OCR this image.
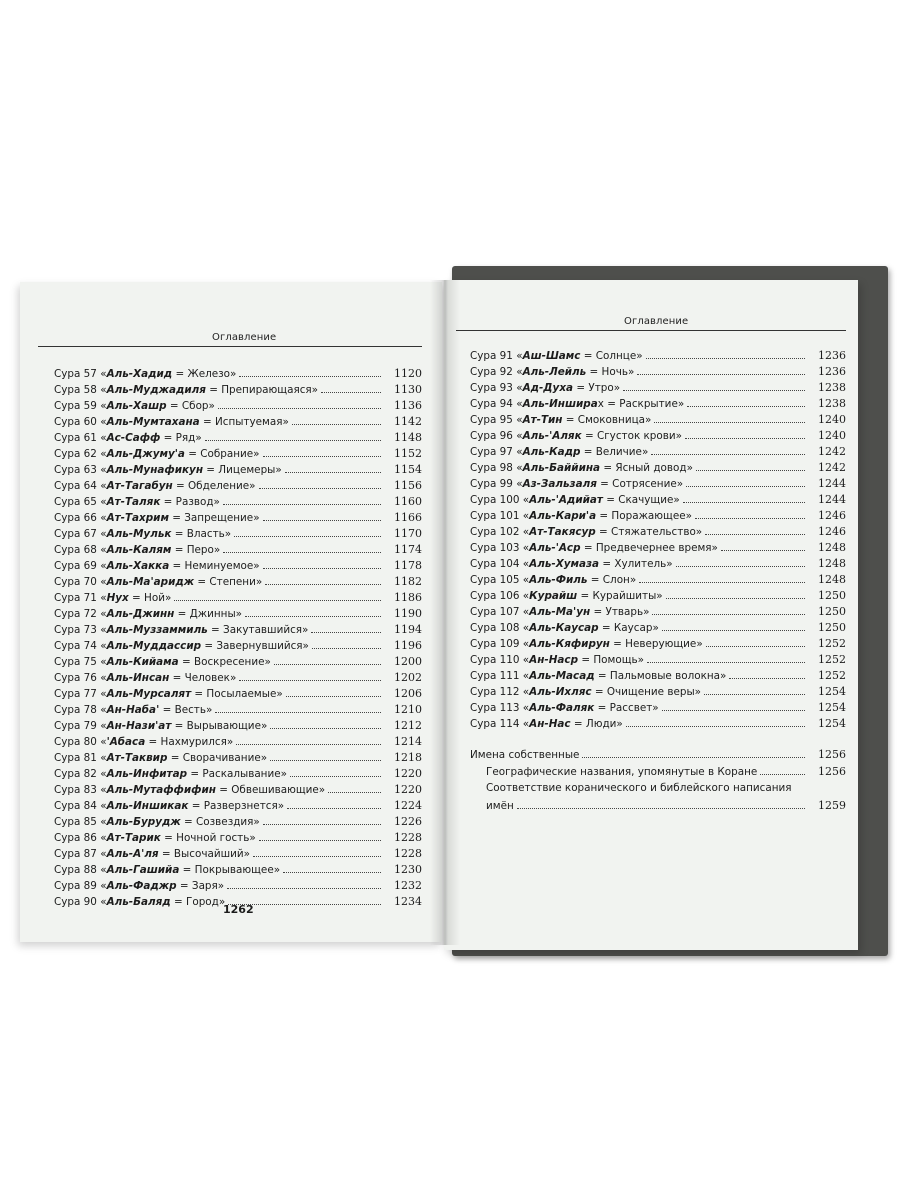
Оглавление
Сура 57 «Аль-Хадид = Железо»	1120
Сура 58 «Аль-Муджадиля = Препирающаяся»	1130
Сура 59 «Аль-Хашр = Сбор»	1136
Сура 60 «Аль-Мумтахана = Испытуемая»	1142
Сура 61 «Ас-Сафф = Ряд»	1148
Сура 62 «Аль-Джуму'а = Собрание»	1152
Сура 63 «Аль-Мунафикун = Лицемеры»	1154
Сура 64 «Ат-Тагабун = Обделение»	1156
Сура 65 «Ат-Таляк = Развод»	1160
Сура 66 «Ат-Тахрим = Запрещение»	1166
Сура 67 «Аль-Мульк = Власть»	1170
Сура 68 «Аль-Калям = Перо»	1174
Сура 69 «Аль-Хакка = Неминуемое»	1178
Сура 70 «Аль-Ма'аридж = Степени»	1182
Сура 71 «Нух = Ной»	1186
Сура 72 «Аль-Джинн = Джинны»	1190
Сура 73 «Аль-Муззаммиль = Закутавшийся»	1194
Сура 74 «Аль-Муддассир = Завернувшийся»	1196
Сура 75 «Аль-Кийама = Воскресение»	1200
Сура 76 «Аль-Инсан = Человек»	1202
Сура 77 «Аль-Мурсалят = Посылаемые»	1206
Сура 78 «Ан-Наба' = Весть»	1210
Сура 79 «Ан-Нази'ат = Вырывающие»	1212
Сура 80 «'Абаса = Нахмурился»	1214
Сура 81 «Ат-Таквир = Сворачивание»	1218
Сура 82 «Аль-Инфитар = Раскалывание»	1220
Сура 83 «Аль-Мутаффифин = Обвешивающие»	1220
Сура 84 «Аль-Иншикак = Разверзнется»	1224
Сура 85 «Аль-Бурудж = Созвездия»	1226
Сура 86 «Ат-Тарик = Ночной гость»	1228
Сура 87 «Аль-А'ля = Высочайший»	1228
Сура 88 «Аль-Гашийа = Покрывающее»	1230
Сура 89 «Аль-Фаджр = Заря»	1232
Сура 90 «Аль-Баляд = Город»	1234
1262
Оглавление
Сура 91 «Аш-Шамс = Солнце»	1236
Сура 92 «Аль-Лейль = Ночь»	1236
Сура 93 «Ад-Духа = Утро»	1238
Сура 94 «Аль-Инширах = Раскрытие»	1238
Сура 95 «Ат-Тин = Смоковница»	1240
Сура 96 «Аль-'Аляк = Сгусток крови»	1240
Сура 97 «Аль-Кадр = Величие»	1242
Сура 98 «Аль-Баййина = Ясный довод»	1242
Сура 99 «Аз-Зальзаля = Сотрясение»	1244
Сура 100 «Аль-'Адийат = Скачущие»	1244
Сура 101 «Аль-Кари'а = Поражающее»	1246
Сура 102 «Ат-Такясур = Стяжательство»	1246
Сура 103 «Аль-'Аср = Предвечернее время»	1248
Сура 104 «Аль-Хумаза = Хулитель»	1248
Сура 105 «Аль-Филь = Слон»	1248
Сура 106 «Курайш = Курайшиты»	1250
Сура 107 «Аль-Ма'ун = Утварь»	1250
Сура 108 «Аль-Каусар = Каусар»	1250
Сура 109 «Аль-Кяфирун = Неверующие»	1252
Сура 110 «Ан-Наср = Помощь»	1252
Сура 111 «Аль-Масад = Пальмовые волокна»	1252
Сура 112 «Аль-Ихляс = Очищение веры»	1254
Сура 113 «Аль-Фаляк = Рассвет»	1254
Сура 114 «Ан-Нас = Люди»	1254
Имена собственные	1256
Географические названия, упомянутые в Коране	1256
Соответствие коранического и библейского написания
имён	1259
